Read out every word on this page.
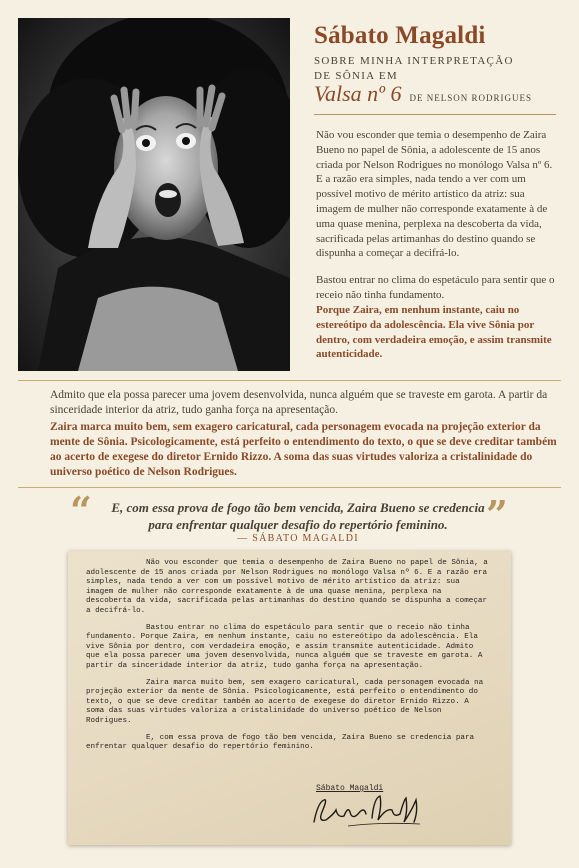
Sábato Magaldi
SOBRE MINHA INTERPRETAÇÃO
DE SÔNIA EM
Valsa nº 6 DE NELSON RODRIGUES

Não vou esconder que temia o desempenho de Zaira Bueno no papel de Sônia, a adolescente de 15 anos criada por Nelson Rodrigues no monólogo Valsa nº 6. E a razão era simples, nada tendo a ver com um possível motivo de mérito artístico da atriz: sua imagem de mulher não corresponde exatamente à de uma quase menina, perplexa na descoberta da vida, sacrificada pelas artimanhas do destino quando se dispunha a começar a decifrá-lo.

Bastou entrar no clima do espetáculo para sentir que o receio não tinha fundamento.

Porque Zaira, em nenhum instante, caiu no estereótipo da adolescência. Ela vive Sônia por dentro, com verdadeira emoção, e assim transmite autenticidade.

Admito que ela possa parecer uma jovem desenvolvida, nunca alguém que se traveste em garota. A partir da sinceridade interior da atriz, tudo ganha força na apresentação.

Zaira marca muito bem, sem exagero caricatural, cada personagem evocada na projeção exterior da mente de Sônia. Psicologicamente, está perfeito o entendimento do texto, o que se deve creditar também ao acerto de exegese do diretor Ernido Rizzo. A soma das suas virtudes valoriza a cristalinidade do universo poético de Nelson Rodrigues.

“ E, com essa prova de fogo tão bem vencida, Zaira Bueno se credencia para enfrentar qualquer desafio do repertório feminino.	”
— SÁBATO MAGALDI

Não vou esconder que temia o desempenho de Zaira Bueno no papel de Sônia, a adolescente de 15 anos criada por Nelson Rodrigues no monólogo Valsa nº 6. E a razão era simples, nada tendo a ver com um possível motivo de mérito artístico da atriz: sua imagem de mulher não corresponde exatamente à de uma quase menina, perplexa na descoberta da vida, sacrificada pelas artimanhas do destino quando se dispunha a começar a decifrá-lo.

Bastou entrar no clima do espetáculo para sentir que o receio não tinha fundamento. Porque Zaira, em nenhum instante, caiu no estereótipo da adolescência. Ela vive Sônia por dentro, com verdadeira emoção, e assim transmite autenticidade. Admito que ela possa parecer uma jovem desenvolvida, nunca alguém que se traveste em garota. A partir da sinceridade interior da atriz, tudo ganha força na apresentação.

Zaira marca muito bem, sem exagero caricatural, cada personagem evocada na projeção exterior da mente de Sônia. Psicologicamente, está perfeito o entendimento do texto, o que se deve creditar também ao acerto de exegese do diretor Ernido Rizzo. A soma das suas virtudes valoriza a cristalinidade do universo poético de Nelson Rodrigues.

E, com essa prova de fogo tão bem vencida, Zaira Bueno se credencia para enfrentar qualquer desafio do repertório feminino.

Sábato Magaldi
